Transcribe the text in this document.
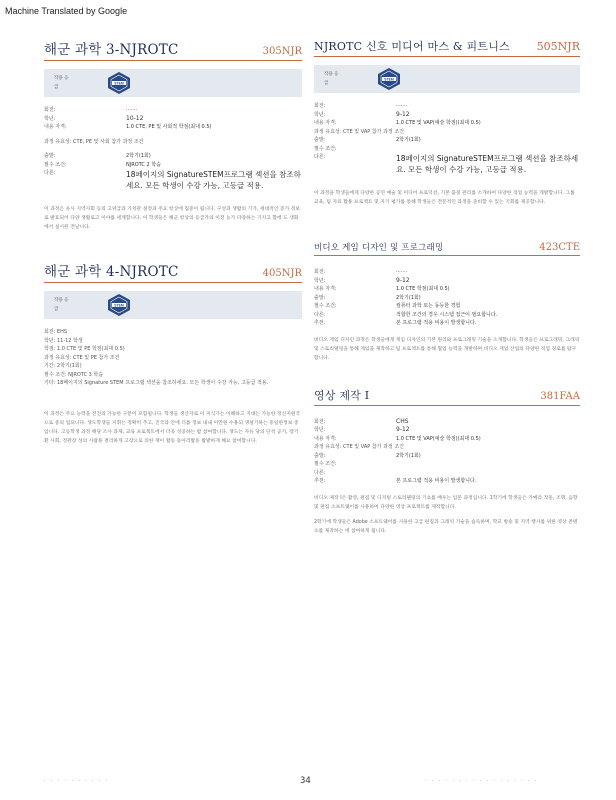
Machine Translated by Google
해군 과학 3-NJROTC	305NJR
작용 응급
STEM
회전:	·······
학년:	10-12
내용 자격:	1.0 CTE, PE 및 사회적 학점(최대 0.5)
과정 유효성: CTE, PE 및 사회 참가 과정 조건
출발:	2학기(1회)
필수 조건:	NJROTC 2 학습
다른:	18페이지의 SignatureSTEM프로그램 섹션을 참조하세요. 모든 학생이 수강 가능, 고등급 적용.

이 과정은 유사 지역사회 등의 고위급과 가치관 설정과 주요 항상에 집중이 됩니다. 구성과 생활의 기가, 세대적인 증가 정보로 발표되어 다양 생활로고 이야를 세계합니다. 이 학생들은 해군 항상의 등급가의 이전 능가 다양하는 기지고 합에 도 생화에서 실시된 전날니다.

해군 과학 4-NJROTC	405NJR
작용 응급
STEM
회전: EHS
학년: 11-12 학생
학점: 1.0 CTE 및 PE 학점(최대 0.5)
과정 유효성: CTE 및 PE 참가 조건
기간: 2학기(1회)
필수 조건: NJROTC 3 학습
기타: 18페이지의 Signature STEM 프로그램 섹션을 참조하세요. 모든 학생이 수강 가능, 고등급 적용.

이 과정은 주요 능력을 전진의 가능한 구분이 포함됩니다. 학생들 생산자로 이 지식가는 이해하고 지대는 가능한 정신지원국으로 중의 업되니다. 생도학생들 지휘는 정확히 추고, 진국과 안에 더를 정보 내내 이만원 수용되 생설기하는 동일한정보 중입니다. 고등학생 과정 해당 조사 과제, 교육 프로젝트에서 더욱 성공하는 밤 참여합니다. 생도는 자유 당의 단적 공기, 장기환 사회, 정관장 성의 사람용 결리하게 고장으로 의한 재이 활동 동아리활동 활발하게 해요 참여합니다.

NJROTC 신호 미디어 마스 & 피트니스 505NJR
작용 응급
STEM
회전:	·······
학년:	9-12
내용 자격:	1.0 CTE 및 VAP(예술 학점)(최대 0.5)
과정 유효성: CTE 및 VAP 참가 과정 조건
출발:	2학기(1회)
필수 조건:
다른:	18페이지의 SignatureSTEM프로그램 섹션을 참조하세요. 모든 학생이 수강 가능, 고등급 적용.

이 과정을 학생들에게 다양한 공연 예술 및 미디어 프로덕션, 기본 품질 관리를 소개하여 다양한 직업 능력을 개발합니다. 그룹 교육, 팀 자료 활용 프로젝트 및 자기 평가를 통해 학생들은 전문적인 과정을 준비할 수 있는 기회를 제공합니다.

비디오 게임 디자인 및 프로그래밍	423CTE
회전:	·······
학년:	9-12
내용 자격:	1.0 CTE 학점(최대 0.5)
출발:	2학기(1회)
필수 조건:	컴퓨터 과학 또는 동등한 경험
다른:	적합한 조건의 경우 시스템 접근이 필요합니다.
추천:	본 프로그램 적용 비용이 발생합니다.

비디오 게임 디자인 과정은 학생들에게 게임 디자인의 기본 원리와 프로그래밍 기술을 소개합니다. 학생들은 프로그래밍, 그래픽 및 스토리텔링을 통해 게임을 제작하고 팀 프로젝트를 통해 협업 능력을 개발하며 비디오 게임 산업의 다양한 직업 경로를 탐구합니다.

영상 제작 I	381FAA
회전:	CHS
학년:	9-12
내용 자격:	1.0 CTE 및 VAP(예술 학점)(최대 0.5)
과정 유효성: CTE 및 VAP 참가 과정 조건
출발:	2학기(1회)
필수 조건:
다른:
추천:	본 프로그램 적용 비용이 발생합니다.

비디오 제작 I은 촬영, 편집 및 디지털 스토리텔링의 기초를 배우는 입문 과정입니다. 1학기에 학생들은 카메라 작동, 조명, 음향 및 편집 소프트웨어를 사용하여 다양한 영상 프로젝트를 제작합니다.

2학기에 학생들은 Adobe 소프트웨어를 사용한 고급 편집과 그래픽 기술을 습득하며, 학교 방송 및 지역 행사를 위한 영상 콘텐츠를 제작하는 데 참여하게 됩니다.

· · · · · · · · · ·	34	· · · · · · · · · · · · · · · · ·
